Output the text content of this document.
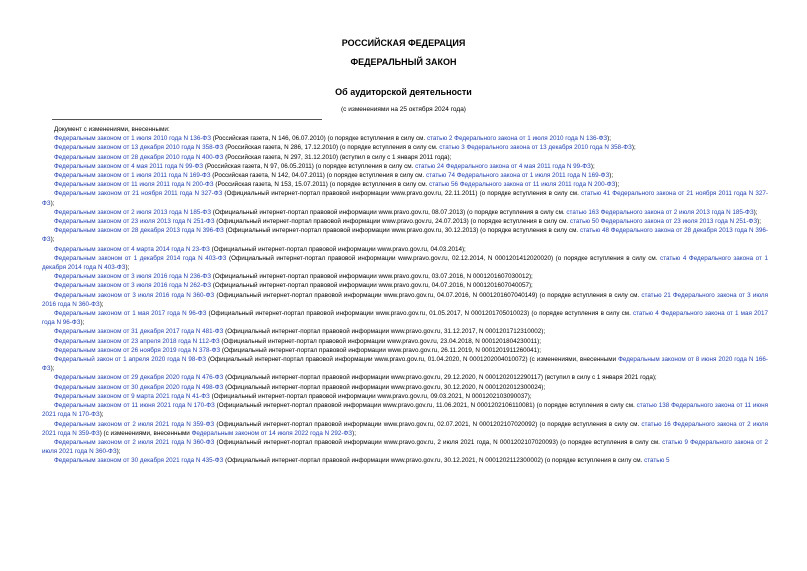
РОССИЙСКАЯ ФЕДЕРАЦИЯ
ФЕДЕРАЛЬНЫЙ ЗАКОН
Об аудиторской деятельности
(с изменениями на 25 октября 2024 года)
Документ с изменениями, внесенными:
Федеральным законом от 1 июля 2010 года N 136-ФЗ (Российская газета, N 146, 06.07.2010) (о порядке вступления в силу см. статью 2 Федерального закона от 1 июля 2010 года N 136-ФЗ);
Федеральным законом от 13 декабря 2010 года N 358-ФЗ (Российская газета, N 286, 17.12.2010) (о порядке вступления в силу см. статью 3 Федерального закона от 13 декабря 2010 года N 358-ФЗ);
Федеральным законом от 28 декабря 2010 года N 400-ФЗ (Российская газета, N 297, 31.12.2010) (вступил в силу с 1 января 2011 года);
Федеральным законом от 4 мая 2011 года N 99-ФЗ (Российская газета, N 97, 06.05.2011) (о порядке вступления в силу см. статью 24 Федерального закона от 4 мая 2011 года N 99-ФЗ);
Федеральным законом от 1 июля 2011 года N 169-ФЗ (Российская газета, N 142, 04.07.2011) (о порядке вступления в силу см. статью 74 Федерального закона от 1 июля 2011 года N 169-ФЗ);
Федеральным законом от 11 июля 2011 года N 200-ФЗ (Российская газета, N 153, 15.07.2011) (о порядке вступления в силу см. статью 56 Федерального закона от 11 июля 2011 года N 200-ФЗ);
Федеральным законом от 21 ноября 2011 года N 327-ФЗ (Официальный интернет-портал правовой информации www.pravo.gov.ru, 22.11.2011) (о порядке вступления в силу см. статью 41 Федерального закона от 21 ноября 2011 года N 327-ФЗ);
Федеральным законом от 2 июля 2013 года N 185-ФЗ (Официальный интернет-портал правовой информации www.pravo.gov.ru, 08.07.2013) (о порядке вступления в силу см. статью 163 Федерального закона от 2 июля 2013 года N 185-ФЗ);
Федеральным законом от 23 июля 2013 года N 251-ФЗ (Официальный интернет-портал правовой информации www.pravo.gov.ru, 24.07.2013) (о порядке вступления в силу см. статью 50 Федерального закона от 23 июля 2013 года N 251-ФЗ);
Федеральным законом от 28 декабря 2013 года N 396-ФЗ (Официальный интернет-портал правовой информации www.pravo.gov.ru, 30.12.2013) (о порядке вступления в силу см. статью 48 Федерального закона от 28 декабря 2013 года N 396-ФЗ);
Федеральным законом от 4 марта 2014 года N 23-ФЗ (Официальный интернет-портал правовой информации www.pravo.gov.ru, 04.03.2014);
Федеральным законом от 1 декабря 2014 года N 403-ФЗ (Официальный интернет-портал правовой информации www.pravo.gov.ru, 02.12.2014, N 0001201412020020) (о порядке вступления в силу см. статью 4 Федерального закона от 1 декабря 2014 года N 403-ФЗ);
Федеральным законом от 3 июля 2016 года N 236-ФЗ (Официальный интернет-портал правовой информации www.pravo.gov.ru, 03.07.2016, N 0001201607030012);
Федеральным законом от 3 июля 2016 года N 262-ФЗ (Официальный интернет-портал правовой информации www.pravo.gov.ru, 04.07.2016, N 0001201607040057);
Федеральным законом от 3 июля 2016 года N 360-ФЗ (Официальный интернет-портал правовой информации www.pravo.gov.ru, 04.07.2016, N 0001201607040149) (о порядке вступления в силу см. статью 21 Федерального закона от 3 июля 2016 года N 360-ФЗ);
Федеральным законом от 1 мая 2017 года N 96-ФЗ (Официальный интернет-портал правовой информации www.pravo.gov.ru, 01.05.2017, N 0001201705010023) (о порядке вступления в силу см. статью 4 Федерального закона от 1 мая 2017 года N 96-ФЗ);
Федеральным законом от 31 декабря 2017 года N 481-ФЗ (Официальный интернет-портал правовой информации www.pravo.gov.ru, 31.12.2017, N 0001201712310002);
Федеральным законом от 23 апреля 2018 года N 112-ФЗ (Официальный интернет-портал правовой информации www.pravo.gov.ru, 23.04.2018, N 0001201804230011);
Федеральным законом от 26 ноября 2019 года N 378-ФЗ (Официальный интернет-портал правовой информации www.pravo.gov.ru, 26.11.2019, N 0001201911260041);
Федеральный закон от 1 апреля 2020 года N 98-ФЗ (Официальный интернет-портал правовой информации www.pravo.gov.ru, 01.04.2020, N 0001202004010072) (с изменениями, внесенными Федеральным законом от 8 июня 2020 года N 166-ФЗ);
Федеральным законом от 29 декабря 2020 года N 476-ФЗ (Официальный интернет-портал правовой информации www.pravo.gov.ru, 29.12.2020, N 0001202012290117) (вступил в силу с 1 января 2021 года);
Федеральным законом от 30 декабря 2020 года N 498-ФЗ (Официальный интернет-портал правовой информации www.pravo.gov.ru, 30.12.2020, N 0001202012300024);
Федеральным законом от 9 марта 2021 года N 41-ФЗ (Официальный интернет-портал правовой информации www.pravo.gov.ru, 09.03.2021, N 0001202103090037);
Федеральным законом от 11 июня 2021 года N 170-ФЗ (Официальный интернет-портал правовой информации www.pravo.gov.ru, 11.06.2021, N 0001202106110081) (о порядке вступления в силу см. статью 138 Федерального закона от 11 июня 2021 года N 170-ФЗ);
Федеральным законом от 2 июля 2021 года N 359-ФЗ (Официальный интернет-портал правовой информации www.pravo.gov.ru, 02.07.2021, N 0001202107020092) (о порядке вступления в силу см. статью 16 Федерального закона от 2 июля 2021 года N 359-ФЗ) (с изменениями, внесенными Федеральным законом от 14 июля 2022 года N 292-ФЗ);
Федеральным законом от 2 июля 2021 года N 360-ФЗ (Официальный интернет-портал правовой информации www.pravo.gov.ru, 2 июля 2021 года, N 0001202107020093) (о порядке вступления в силу см. статью 9 Федерального закона от 2 июля 2021 года N 360-ФЗ);
Федеральным законом от 30 декабря 2021 года N 435-ФЗ (Официальный интернет-портал правовой информации www.pravo.gov.ru, 30.12.2021, N 0001202112300002) (о порядке вступления в силу см. статью 5
